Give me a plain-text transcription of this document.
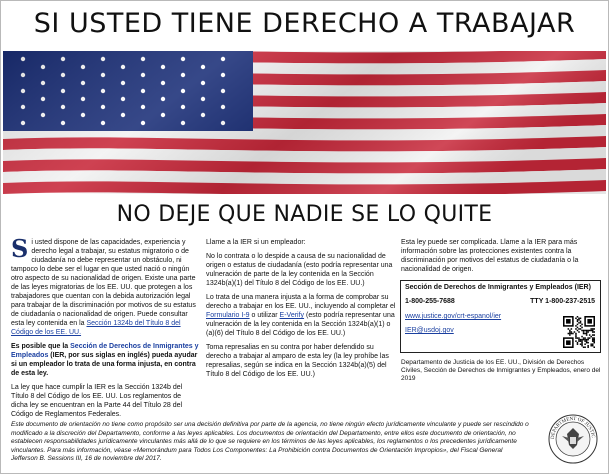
SI USTED TIENE DERECHO A TRABAJAR
NO DEJE QUE NADIE SE LO QUITE

Si usted dispone de las capacidades, experiencia y derecho legal a trabajar, su estatus migratorio o de ciudadanía no debe representar un obstáculo, ni tampoco lo debe ser el lugar en que usted nació o ningún otro aspecto de su nacionalidad de origen. Existe una parte de las leyes migratorias de los EE. UU. que protegen a los trabajadores que cuentan con la debida autorización legal para trabajar de la discriminación por motivos de su estatus de ciudadanía o nacionalidad de origen. Puede consultar esta ley contenida en la Sección 1324b del Título 8 del Código de los EE. UU.

Es posible que la Sección de Derechos de Inmigrantes y Empleados (IER, por sus siglas en inglés) pueda ayudar si un empleador lo trata de una forma injusta, en contra de esta ley.

La ley que hace cumplir la IER es la Sección 1324b del Título 8 del Código de los EE. UU. Los reglamentos de dicha ley se encuentran en la Parte 44 del Título 28 del Código de Reglamentos Federales.

Llame a la IER si un empleador:

No lo contrata o lo despide a causa de su nacionalidad de origen o estatus de ciudadanía (esto podría representar una vulneración de parte de la ley contenida en la Sección 1324b(a)(1) del Título 8 del Código de los EE. UU.)

Lo trata de una manera injusta a la forma de comprobar su derecho a trabajar en los EE. UU., incluyendo al completar el Formulario I-9 o utilizar E-Verify (esto podría representar una vulneración de la ley contenida en la Sección 1324b(a)(1) o (a)(6) del Título 8 del Código de los EE. UU.)

Toma represalias en su contra por haber defendido su derecho a trabajar al amparo de esta ley (la ley prohíbe las represalias, según se indica en la Sección 1324b(a)(5) del Título 8 del Código de los EE. UU.)

Esta ley puede ser complicada. Llame a la IER para más información sobre las protecciones existentes contra la discriminación por motivos del estatus de ciudadanía o la nacionalidad de origen.

Sección de Derechos de Inmigrantes y Empleados (IER)
1-800-255-7688	TTY 1-800-237-2515
www.justice.gov/crt-espanol/ier
IER@usdoj.gov
Departamento de Justicia de los EE. UU., División de Derechos Civiles, Sección de Derechos de Inmigrantes y Empleados, enero del 2019
Este documento de orientación no tiene como propósito ser una decisión definitiva por parte de la agencia, no tiene ningún efecto jurídicamente vinculante y puede ser rescindido o modificado a la discreción del Departamento, conforme a las leyes aplicables. Los documentos de orientación del Departamento, entre ellos este documento de orientación, no establecen responsabilidades jurídicamente vinculantes más allá de lo que se requiere en los términos de las leyes aplicables, los reglamentos o los precedentes jurídicamente vinculantes. Para más información, véase «Memorándum para Todos Los Componentes: La Prohibición contra Documentos de Orientación Impropios», del Fiscal General Jefferson B. Sessions III, 16 de noviembre del 2017.
DEPARTMENT OF JUSTIC
